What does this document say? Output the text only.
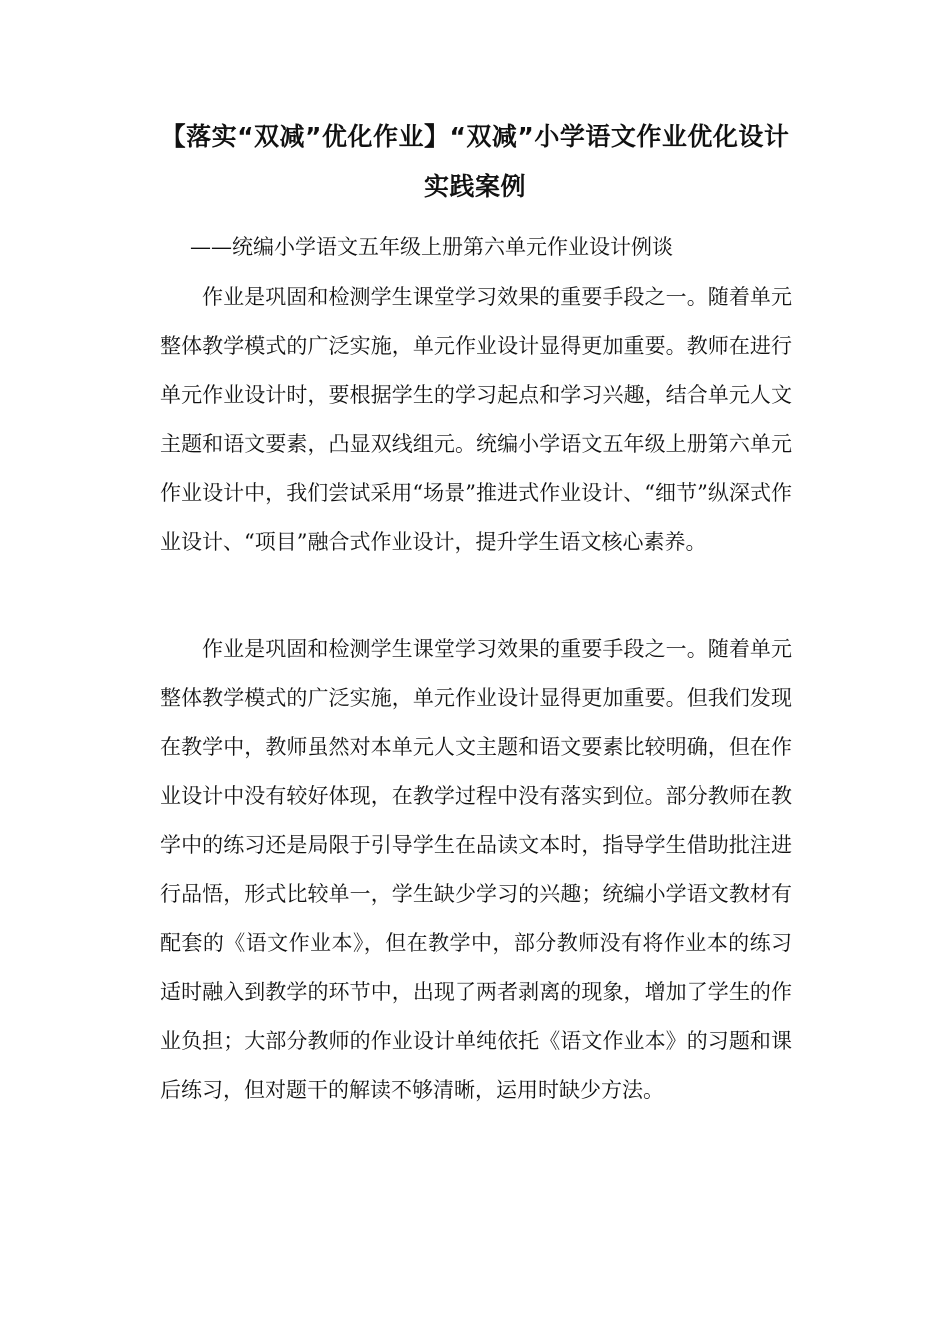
【落实“双减”优化作业】“双减”小学语文作业优化设计实践案例
——统编小学语文五年级上册第六单元作业设计例谈

作业是巩固和检测学生课堂学习效果的重要手段之一。随着单元整体教学模式的广泛实施，单元作业设计显得更加重要。教师在进行单元作业设计时，要根据学生的学习起点和学习兴趣，结合单元人文主题和语文要素，凸显双线组元。统编小学语文五年级上册第六单元作业设计中，我们尝试采用“场景”推进式作业设计、“细节”纵深式作业设计、“项目”融合式作业设计，提升学生语文核心素养。

作业是巩固和检测学生课堂学习效果的重要手段之一。随着单元整体教学模式的广泛实施，单元作业设计显得更加重要。但我们发现在教学中，教师虽然对本单元人文主题和语文要素比较明确，但在作业设计中没有较好体现，在教学过程中没有落实到位。部分教师在教学中的练习还是局限于引导学生在品读文本时，指导学生借助批注进行品悟，形式比较单一，学生缺少学习的兴趣；统编小学语文教材有配套的《语文作业本》，但在教学中，部分教师没有将作业本的练习适时融入到教学的环节中，出现了两者剥离的现象，增加了学生的作业负担；大部分教师的作业设计单纯依托《语文作业本》的习题和课后练习，但对题干的解读不够清晰，运用时缺少方法。
